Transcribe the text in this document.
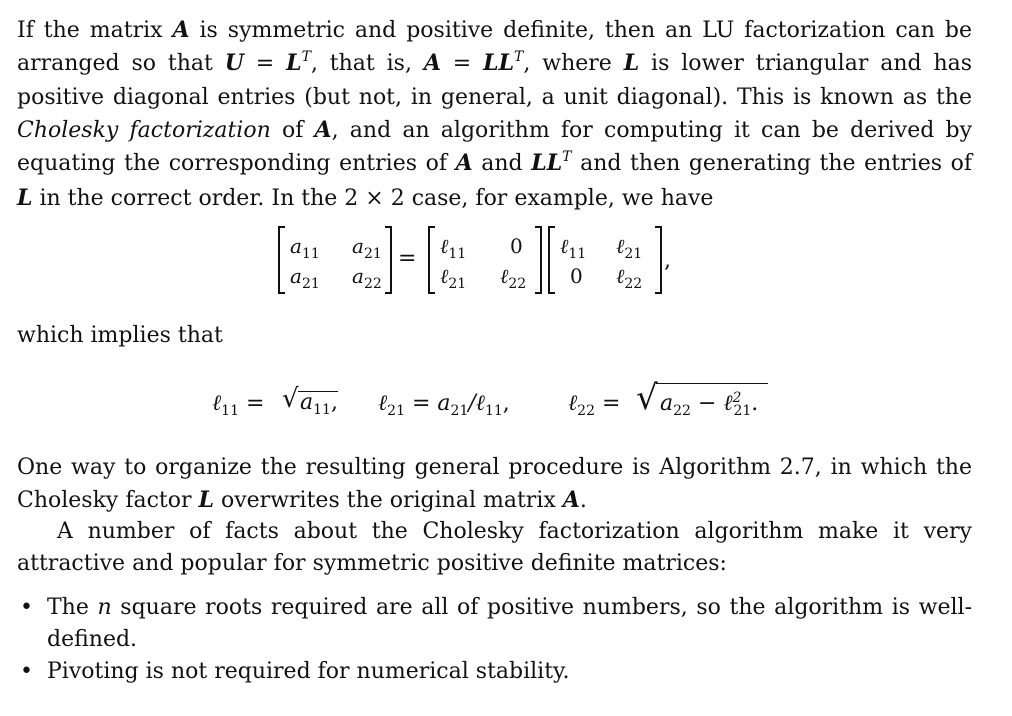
If the matrix A is symmetric and positive definite, then an LU factorization can be arranged so that $U = L^T$, that is, $A = LL^T$, where L is lower triangular and has positive diagonal entries (but not, in general, a unit diagonal). This is known as the Cholesky factorization of A, and an algorithm for computing it can be derived by equating the corresponding entries of A and $LL^T$ and then generating the entries of L in the correct order. In the 2 × 2 case, for example, we have

$a_{11}$ $a_{21}$
$a_{21}$ $a_{22}$
= ℓ$_{11}$ 0
ℓ$_{21}$ ℓ$_{22}$
ℓ$_{11}$ ℓ$_{21}$
0 ℓ$_{22}$
,

which implies that

ℓ$_{11}$ = √ $a_{11}$, ℓ$_{21}$ = $a_{21}/\ell_{11}$,	ℓ$_{22}$ = √ $a_{22}$ − ℓ$^2_{21}$.

One way to organize the resulting general procedure is Algorithm 2.7, in which the Cholesky factor L overwrites the original matrix A.

A number of facts about the Cholesky factorization algorithm make it very attractive and popular for symmetric positive definite matrices:

• The n square roots required are all of positive numbers, so the algorithm is well-defined.
• Pivoting is not required for numerical stability.
